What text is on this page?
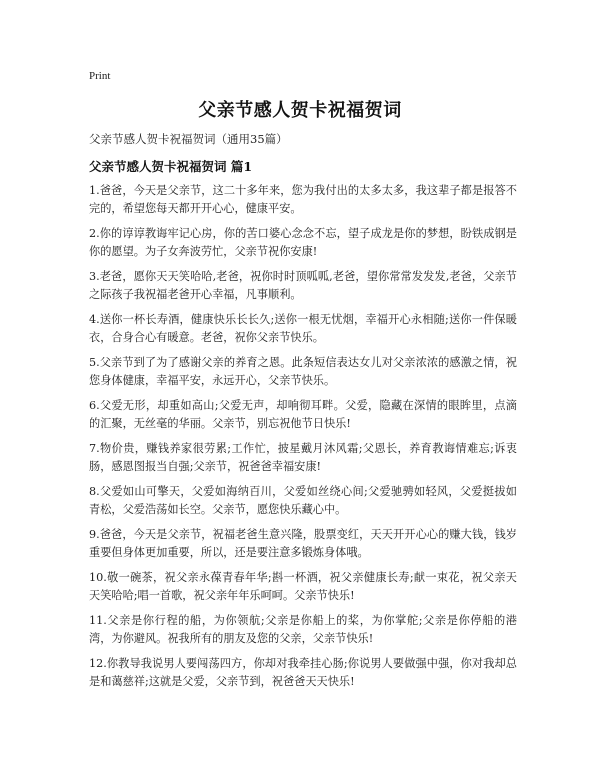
Print
父亲节感人贺卡祝福贺词
父亲节感人贺卡祝福贺词（通用35篇）
父亲节感人贺卡祝福贺词 篇1

1.爸爸，今天是父亲节，这二十多年来，您为我付出的太多太多，我这辈子都是报答不完的，希望您每天都开开心心，健康平安。

2.你的谆谆教诲牢记心房，你的苦口婆心念念不忘，望子成龙是你的梦想，盼铁成钢是你的愿望。为子女奔波劳忙，父亲节祝你安康!

3.老爸，愿你天天笑哈哈,老爸，祝你时时顶呱呱,老爸，望你常常发发发,老爸，父亲节之际孩子我祝福老爸开心幸福，凡事顺利。

4.送你一杯长寿酒，健康快乐长长久;送你一根无忧烟，幸福开心永相随;送你一件保暖衣，合身合心有暖意。老爸，祝你父亲节快乐。

5.父亲节到了为了感谢父亲的养育之恩。此条短信表达女儿对父亲浓浓的感激之情，祝您身体健康，幸福平安，永远开心，父亲节快乐。

6.父爱无形，却重如高山;父爱无声，却响彻耳畔。父爱，隐藏在深情的眼眸里，点滴的汇聚，无丝毫的华丽。父亲节，别忘祝他节日快乐!

7.物价贵，赚钱养家很劳累;工作忙，披星戴月沐风霜;父恩长，养育教诲情难忘;诉衷肠，感恩图报当自强;父亲节，祝爸爸幸福安康!

8.父爱如山可擎天，父爱如海纳百川，父爱如丝绕心间;父爱驰骋如轻风，父爱挺拔如青松，父爱浩荡如长空。父亲节，愿您快乐藏心中。

9.爸爸，今天是父亲节，祝福老爸生意兴隆，股票变红，天天开开心心的赚大钱，钱岁重要但身体更加重要，所以，还是要注意多锻炼身体哦。

10.敬一碗茶，祝父亲永葆青春年华;斟一杯酒，祝父亲健康长寿;献一束花，祝父亲天天笑哈哈;唱一首歌，祝父亲年年乐呵呵。父亲节快乐!

11.父亲是你行程的船，为你领航;父亲是你船上的桨，为你掌舵;父亲是你停船的港湾，为你避风。祝我所有的朋友及您的父亲，父亲节快乐!

12.你教导我说男人要闯荡四方，你却对我牵挂心肠;你说男人要做强中强，你对我却总是和蔼慈祥;这就是父爱，父亲节到，祝爸爸天天快乐!
